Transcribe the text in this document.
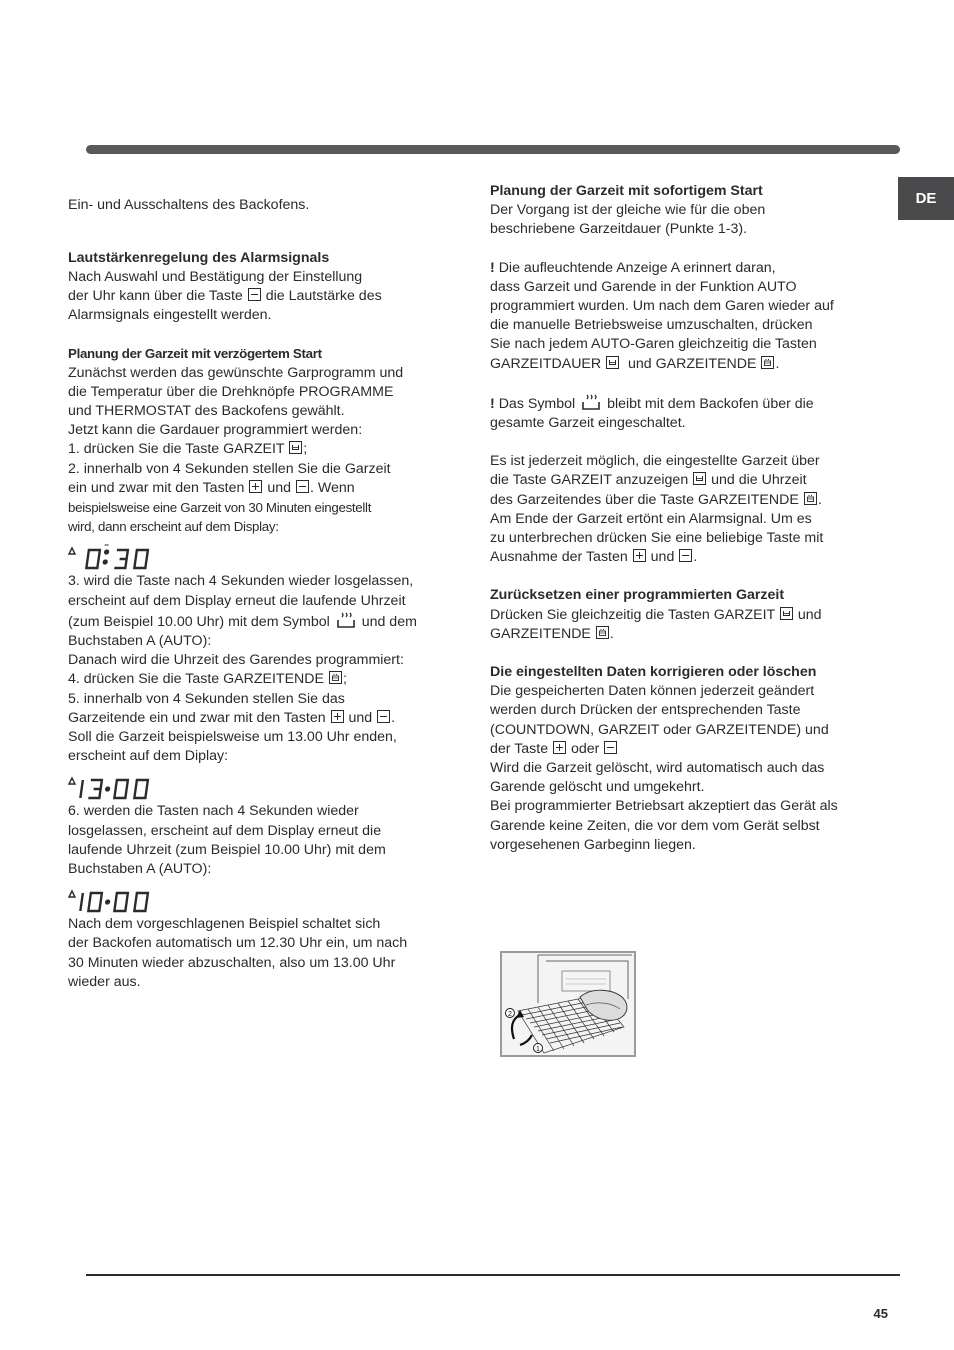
DE

Ein- und Ausschaltens des Backofens.

Lautstärkenregelung des Alarmsignals

Nach Auswahl und Bestätigung der Einstellung

der Uhr kann über die Taste die Lautstärke des

Alarmsignals eingestellt werden.

Planung der Garzeit mit verzögertem Start

Zunächst werden das gewünschte Garprogramm und

die Temperatur über die Drehknöpfe PROGRAMME

und THERMOSTAT des Backofens gewählt.

Jetzt kann die Gardauer programmiert werden:

1. drücken Sie die Taste GARZEIT ;

2. innerhalb von 4 Sekunden stellen Sie die Garzeit

ein und zwar mit den Tasten und . Wenn

beispielsweise eine Garzeit von 30 Minuten eingestellt

wird, dann erscheint auf dem Display:

3. wird die Taste nach 4 Sekunden wieder losgelassen,

erscheint auf dem Display erneut die laufende Uhrzeit

(zum Beispiel 10.00 Uhr) mit dem Symbol und dem

Buchstaben A (AUTO):

Danach wird die Uhrzeit des Garendes programmiert:

4. drücken Sie die Taste GARZEITENDE ;

5. innerhalb von 4 Sekunden stellen Sie das

Garzeitende ein und zwar mit den Tasten und .

Soll die Garzeit beispielsweise um 13.00 Uhr enden,

erscheint auf dem Diplay:

6. werden die Tasten nach 4 Sekunden wieder

losgelassen, erscheint auf dem Display erneut die

laufende Uhrzeit (zum Beispiel 10.00 Uhr) mit dem

Buchstaben A (AUTO):

Nach dem vorgeschlagenen Beispiel schaltet sich

der Backofen automatisch um 12.30 Uhr ein, um nach

30 Minuten wieder abzuschalten, also um 13.00 Uhr

wieder aus.

Planung der Garzeit mit sofortigem Start

Der Vorgang ist der gleiche wie für die oben

beschriebene Garzeitdauer (Punkte 1-3).

! Die aufleuchtende Anzeige A erinnert daran,

dass Garzeit und Garende in der Funktion AUTO

programmiert wurden. Um nach dem Garen wieder auf

die manuelle Betriebsweise umzuschalten, drücken

Sie nach jedem AUTO-Garen gleichzeitig die Tasten

GARZEITDAUER und GARZEITENDE .

! Das Symbol bleibt mit dem Backofen über die

gesamte Garzeit eingeschaltet.

Es ist jederzeit möglich, die eingestellte Garzeit über

die Taste GARZEIT anzuzeigen und die Uhrzeit

des Garzeitendes über die Taste GARZEITENDE .

Am Ende der Garzeit ertönt ein Alarmsignal. Um es

zu unterbrechen drücken Sie eine beliebige Taste mit

Ausnahme der Tasten und .

Zurücksetzen einer programmierten Garzeit

Drücken Sie gleichzeitig die Tasten GARZEIT und

GARZEITENDE .

Die eingestellten Daten korrigieren oder löschen

Die gespeicherten Daten können jederzeit geändert

werden durch Drücken der entsprechenden Taste

(COUNTDOWN, GARZEIT oder GARZEITENDE) und

der Taste oder

Wird die Garzeit gelöscht, wird automatisch auch das

Garende gelöscht und umgekehrt.

Bei programmierter Betriebsart akzeptiert das Gerät als

Garende keine Zeiten, die vor dem vom Gerät selbst

vorgesehenen Garbeginn liegen.

2
1
45
